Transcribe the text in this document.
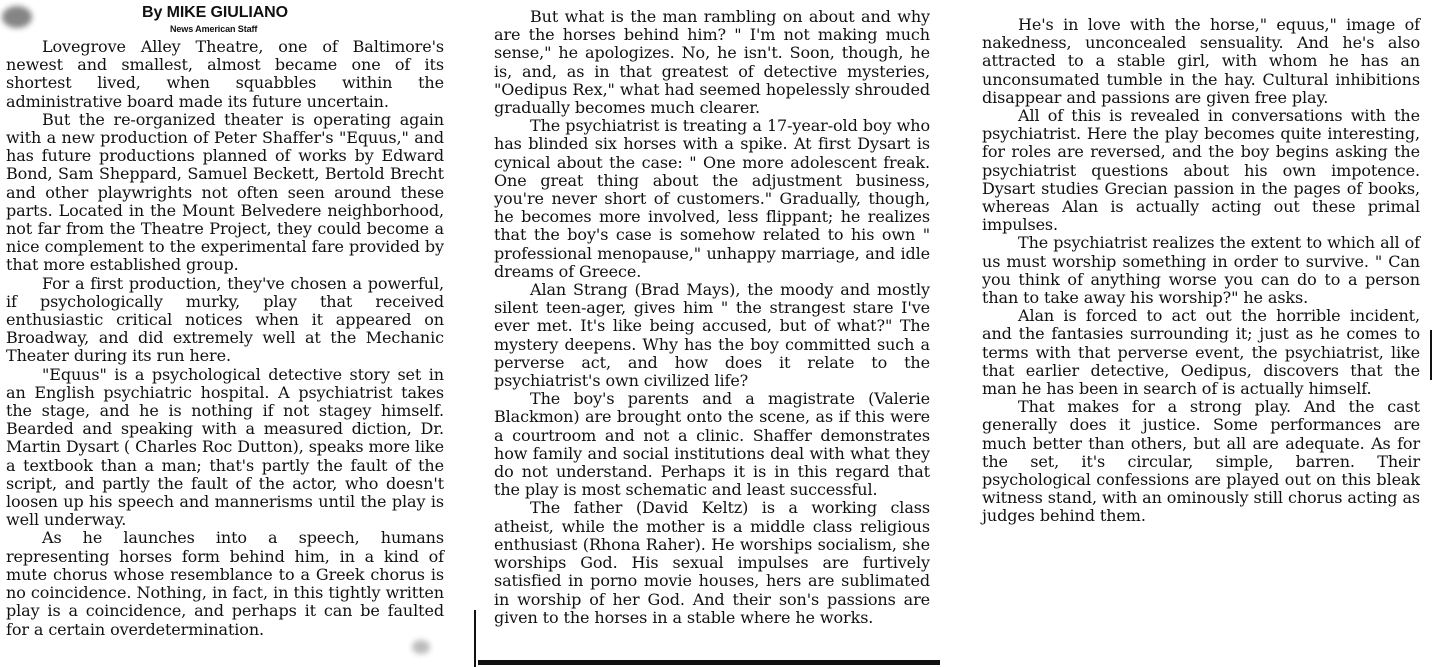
By MIKE GIULIANO

News American Staff

Lovegrove Alley Theatre, one of Baltimore's newest and smallest, almost became one of its shortest lived, when squabbles within the administrative board made its future uncertain.

But the re-organized theater is operating again with a new production of Peter Shaffer's "Equus," and has future productions planned of works by Edward Bond, Sam Sheppard, Samuel Beckett, Bertold Brecht and other playwrights not often seen around these parts. Located in the Mount Belvedere neighborhood, not far from the Theatre Project, they could become a nice complement to the experimental fare provided by that more established group.

For a first production, they've chosen a powerful, if psychologically murky, play that received enthusiastic critical notices when it appeared on Broadway, and did extremely well at the Mechanic Theater during its run here.

"Equus" is a psychological detective story set in an English psychiatric hospital. A psychiatrist takes the stage, and he is nothing if not stagey himself. Bearded and speaking with a measured diction, Dr. Martin Dysart ( Charles Roc Dutton), speaks more like a textbook than a man; that's partly the fault of the script, and partly the fault of the actor, who doesn't loosen up his speech and mannerisms until the play is well underway.

As he launches into a speech, humans representing horses form behind him, in a kind of mute chorus whose resemblance to a Greek chorus is no coincidence. Nothing, in fact, in this tightly written play is a coincidence, and perhaps it can be faulted for a certain overdetermination.

But what is the man rambling on about and why are the horses behind him? " I'm not making much sense," he apologizes. No, he isn't. Soon, though, he is, and, as in that greatest of detective mysteries, "Oedipus Rex," what had seemed hopelessly shrouded gradually becomes much clearer.

The psychiatrist is treating a 17-year-old boy who has blinded six horses with a spike. At first Dysart is cynical about the case: " One more adolescent freak. One great thing about the adjustment business, you're never short of customers." Gradually, though, he becomes more involved, less flippant; he realizes that the boy's case is somehow related to his own " professional menopause," unhappy marriage, and idle dreams of Greece.

Alan Strang (Brad Mays), the moody and mostly silent teen-ager, gives him " the strangest stare I've ever met. It's like being accused, but of what?" The mystery deepens. Why has the boy committed such a perverse act, and how does it relate to the psychiatrist's own civilized life?

The boy's parents and a magistrate (Valerie Blackmon) are brought onto the scene, as if this were a courtroom and not a clinic. Shaffer demonstrates how family and social institutions deal with what they do not understand. Perhaps it is in this regard that the play is most schematic and least successful.

The father (David Keltz) is a working class atheist, while the mother is a middle class religious enthusiast (Rhona Raher). He worships socialism, she worships God. His sexual impulses are furtively satisfied in porno movie houses, hers are sublimated in worship of her God. And their son's passions are given to the horses in a stable where he works.

He's in love with the horse," equus," image of nakedness, unconcealed sensuality. And he's also attracted to a stable girl, with whom he has an unconsumated tumble in the hay. Cultural inhibitions disappear and passions are given free play.

All of this is revealed in conversations with the psychiatrist. Here the play becomes quite interesting, for roles are reversed, and the boy begins asking the psychiatrist questions about his own impotence. Dysart studies Grecian passion in the pages of books, whereas Alan is actually acting out these primal impulses.

The psychiatrist realizes the extent to which all of us must worship something in order to survive. " Can you think of anything worse you can do to a person than to take away his worship?" he asks.

Alan is forced to act out the horrible incident, and the fantasies surrounding it; just as he comes to terms with that perverse event, the psychiatrist, like that earlier detective, Oedipus, discovers that the man he has been in search of is actually himself.

That makes for a strong play. And the cast generally does it justice. Some performances are much better than others, but all are adequate. As for the set, it's circular, simple, barren. Their psychological confessions are played out on this bleak witness stand, with an ominously still chorus acting as judges behind them.
